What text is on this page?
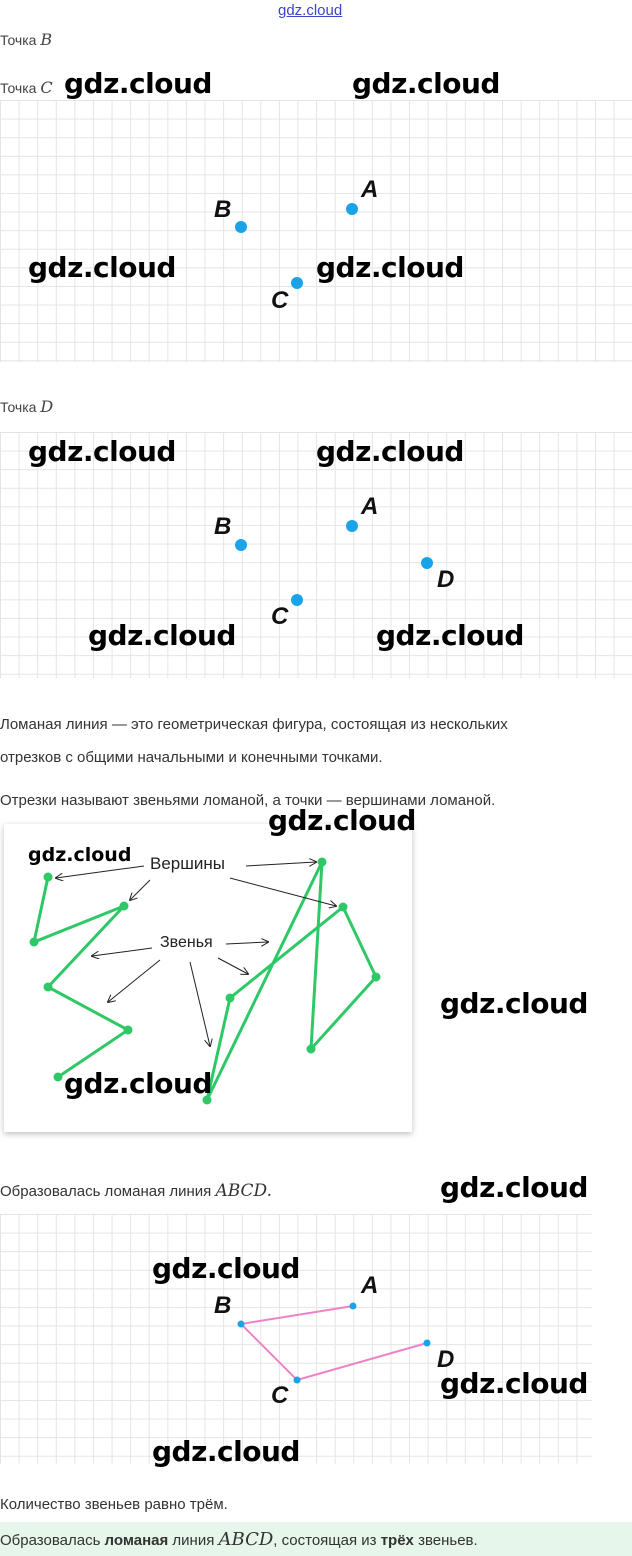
gdz.cloud
Точка B
Точка C
A
B
C
gdz.cloud	gdz.cloud
gdz.cloud	gdz.cloud
Точка D
A
B
C
D
gdz.cloud	gdz.cloud
gdz.cloud	gdz.cloud
Ломаная линия — это геометрическая фигура, состоящая из нескольких
отрезков с общими начальными и конечными точками.
Отрезки называют звеньями ломаной, а точки — вершинами ломаной.
Вершины
Звенья
gdz.cloud
gdz.cloud
gdz.cloud
gdz.cloud
Образовалась ломаная линия ABCD.	gdz.cloud
A
B
C
D
gdz.cloud
gdz.cloud
gdz.cloud
Количество звеньев равно трём.
Образовалась ломаная линия ABCD, состоящая из трёх звеньев.
